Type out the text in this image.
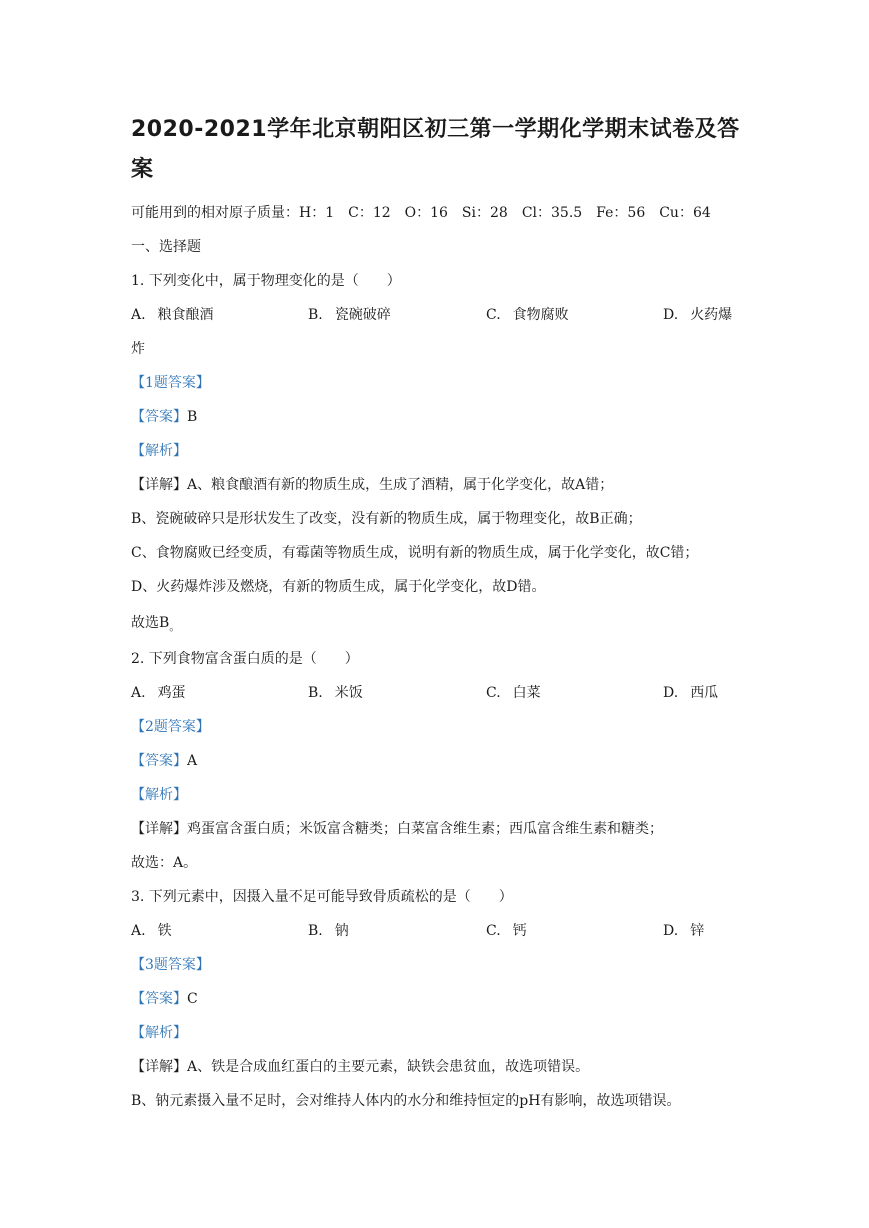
2020-2021学年北京朝阳区初三第一学期化学期末试卷及答
案
可能用到的相对原子质量：H：1　C：12　O：16　Si：28　Cl：35.5　Fe：56　Cu：64
一、选择题
1. 下列变化中，属于物理变化的是（　　）
A. 粮食酿酒	B. 瓷碗破碎	C. 食物腐败	D. 火药爆
炸
【1题答案】
【答案】B
【解析】
【详解】A、粮食酿酒有新的物质生成，生成了酒精，属于化学变化，故A错；
B、瓷碗破碎只是形状发生了改变，没有新的物质生成，属于物理变化，故B正确；
C、食物腐败已经变质，有霉菌等物质生成，说明有新的物质生成，属于化学变化，故C错；
D、火药爆炸涉及燃烧，有新的物质生成，属于化学变化，故D错。
故选$B_。$
2. 下列食物富含蛋白质的是（　　）
A. 鸡蛋	B. 米饭	C. 白菜	D. 西瓜
【2题答案】
【答案】A
【解析】
【详解】鸡蛋富含蛋白质；米饭富含糖类；白菜富含维生素；西瓜富含维生素和糖类；
故选：A。
3. 下列元素中，因摄入量不足可能导致骨质疏松的是（　　）
A. 铁	B. 钠	C. 钙	D. 锌
【3题答案】
【答案】C
【解析】
【详解】A、铁是合成血红蛋白的主要元素，缺铁会患贫血，故选项错误。
B、钠元素摄入量不足时，会对维持人体内的水分和维持恒定的pH有影响，故选项错误。
